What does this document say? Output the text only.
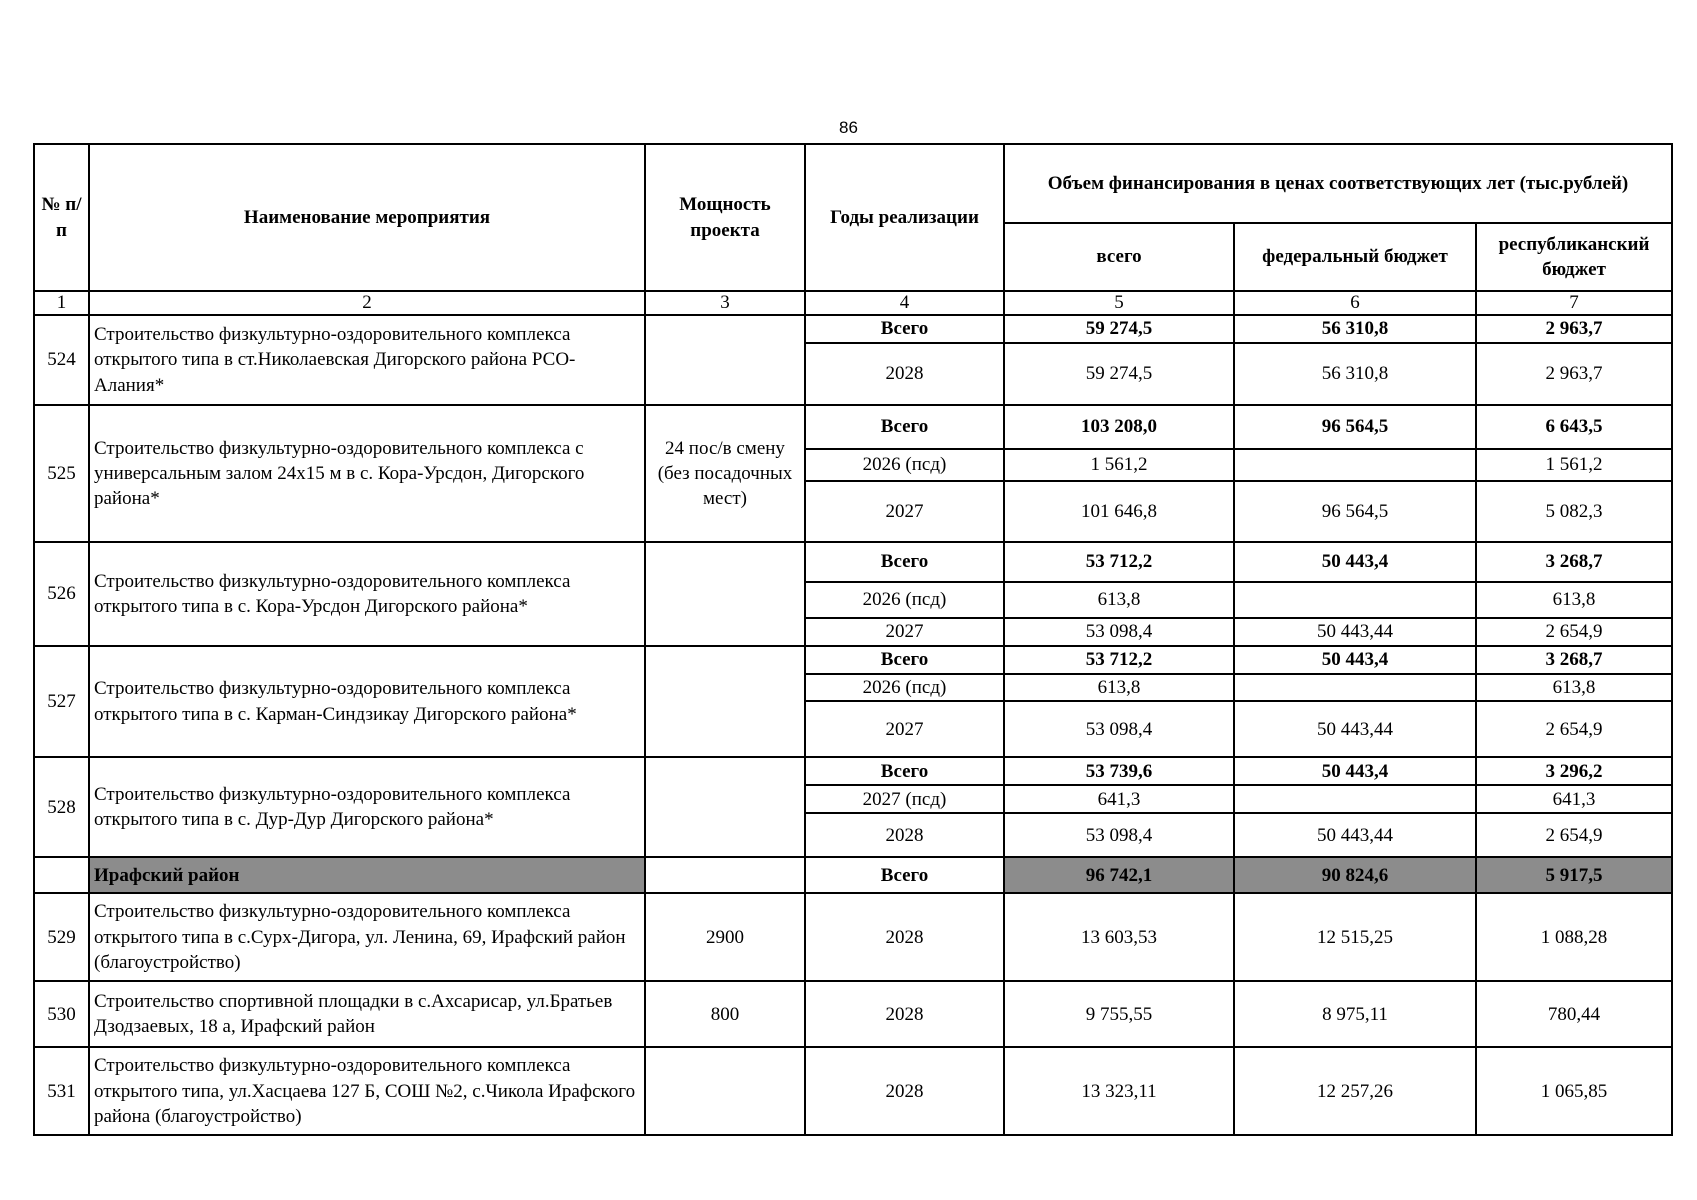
86
№ п/п	Наименование мероприятия	Мощность проекта	Годы реализации	Объем финансирования в ценах соответствующих лет (тыс.рублей)		
				всего	федеральный бюджет	республиканский бюджет
1	2	3	4	5	6	7
524	Строительство физкультурно-оздоровительного комплекса открытого типа в ст.Николаевская Дигорского района РСО-Алания*		Всего	59 274,5	56 310,8	2 963,7
			2028	59 274,5	56 310,8	2 963,7
525	Строительство физкультурно-оздоровительного комплекса с универсальным залом 24х15 м в с. Кора-Урсдон, Дигорского района*	24 пос/в смену (без посадочных мест)	Всего	103 208,0	96 564,5	6 643,5
			2026 (псд)	1 561,2		1 561,2
			2027	101 646,8	96 564,5	5 082,3
526	Строительство физкультурно-оздоровительного комплекса открытого типа в с. Кора-Урсдон Дигорского района*		Всего	53 712,2	50 443,4	3 268,7
			2026 (псд)	613,8		613,8
			2027	53 098,4	50 443,44	2 654,9
527	Строительство физкультурно-оздоровительного комплекса открытого типа в с. Карман-Синдзикау Дигорского района*		Всего	53 712,2	50 443,4	3 268,7
			2026 (псд)	613,8		613,8
			2027	53 098,4	50 443,44	2 654,9
528	Строительство физкультурно-оздоровительного комплекса открытого типа в с. Дур-Дур Дигорского района*		Всего	53 739,6	50 443,4	3 296,2
			2027 (псд)	641,3		641,3
			2028	53 098,4	50 443,44	2 654,9
	Ирафский район		Всего	96 742,1	90 824,6	5 917,5
529	Строительство физкультурно-оздоровительного комплекса открытого типа в с.Сурх-Дигора, ул. Ленина, 69, Ирафский район (благоустройство)	2900	2028	13 603,53	12 515,25	1 088,28
530	Строительство спортивной площадки в с.Ахсарисар, ул.Братьев Дзодзаевых, 18 а, Ирафский район	800	2028	9 755,55	8 975,11	780,44
531	Строительство физкультурно-оздоровительного комплекса открытого типа, ул.Хасцаева 127 Б, СОШ №2, с.Чикола Ирафского района (благоустройство)		2028	13 323,11	12 257,26	1 065,85
